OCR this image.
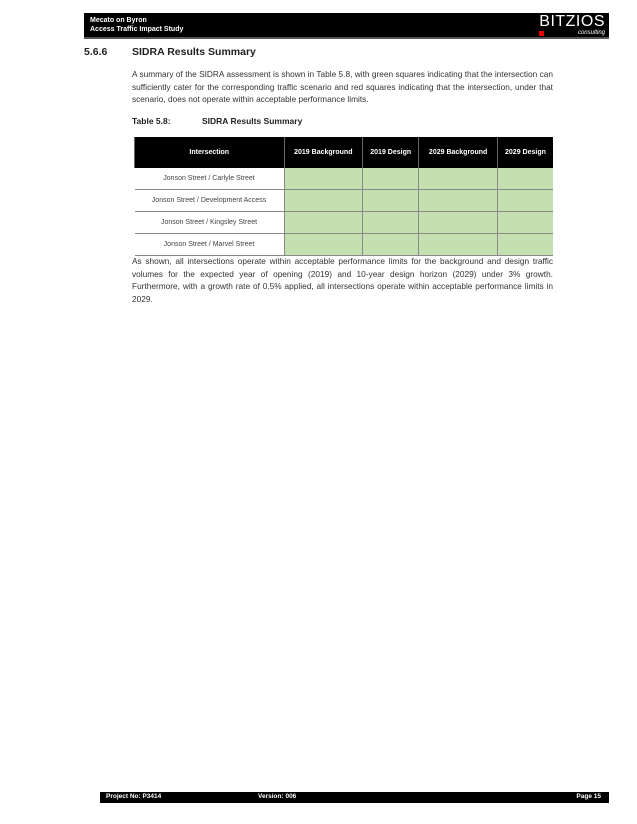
Mecato on Byron
Access Traffic Impact Study	BITZIOS
consulting
5.6.6 SIDRA Results Summary
A summary of the SIDRA assessment is shown in Table 5.8, with green squares indicating that the intersection can sufficiently cater for the corresponding traffic scenario and red squares indicating that the intersection, under that scenario, does not operate within acceptable performance limits.
Table 5.8:	SIDRA Results Summary
Intersection	2019 Background	2019 Design	2029 Background	2029 Design
Jonson Street / Carlyle Street				
Jonson Street / Development Access				
Jonson Street / Kingsley Street				
Jonson Street / Marvel Street				
As shown, all intersections operate within acceptable performance limits for the background and design traffic volumes for the expected year of opening (2019) and 10-year design horizon (2029) under 3% growth. Furthermore, with a growth rate of 0.5% applied, all intersections operate within acceptable performance limits in 2029.
Project No: P3414	Version: 006	Page 15
